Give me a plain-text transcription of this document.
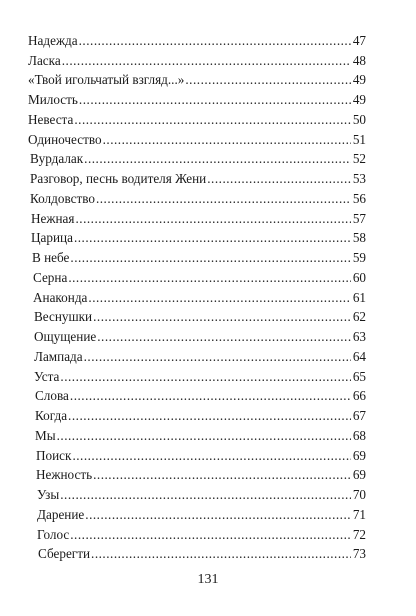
Надежда .....	47
Ласка .....	48
«Твой игольчатый взгляд...» .....	49
Милость .....	49
Невеста .....	50
Одиночество .....	51
Вурдалак .....	52
Разговор, песнь водителя Жени .....	53
Колдовство .....	56
Нежная .....	57
Царица .....	58
В небе .....	59
Серна .....	60
Анаконда .....	61
Веснушки .....	62
Ощущение .....	63
Лампада .....	64
Уста .....	65
Слова .....	66
Когда .....	67
Мы .....	68
Поиск .....	69
Нежность .....	69
Узы .....	70
Дарение .....	71
Голос .....	72
Сберегти .....	73
131
